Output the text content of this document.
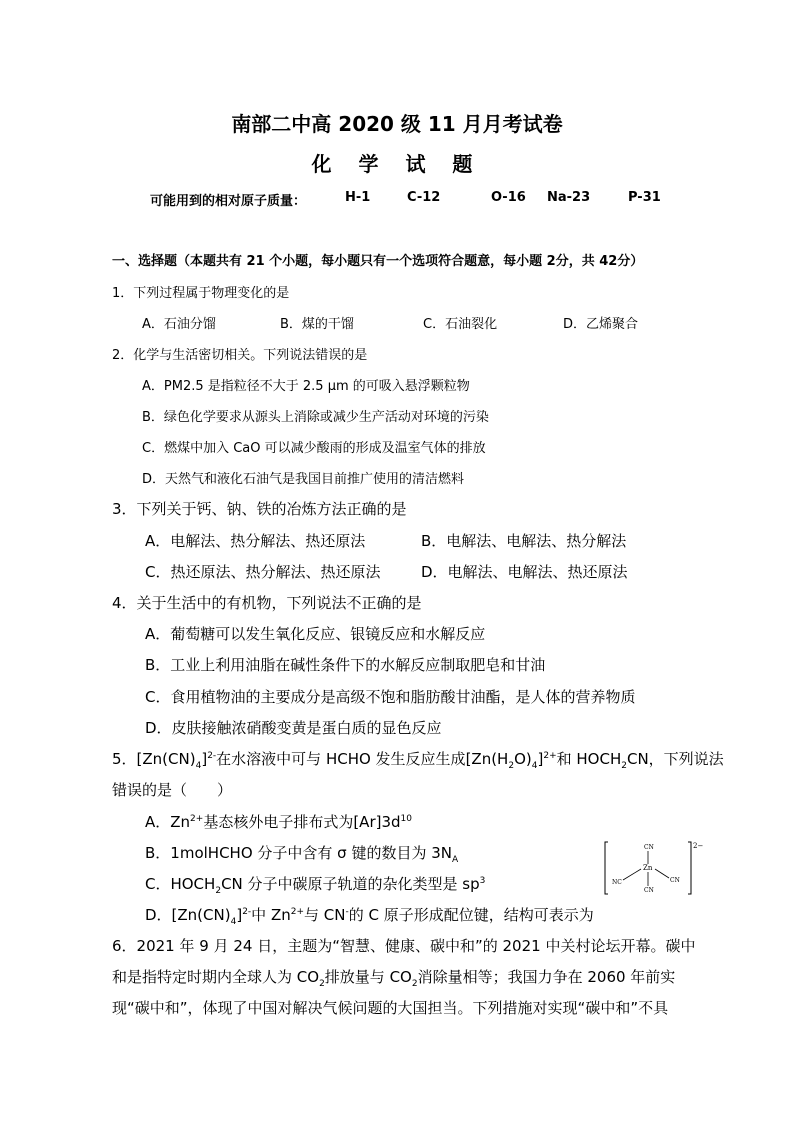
南部二中高 2020 级 11 月月考试卷
化 学 试 题
可能用到的相对原子质量：	H-1	C-12	O-16 Na-23	P-31
一、选择题（本题共有 21 个小题，每小题只有一个选项符合题意，每小题 2分，共 42分）
1．下列过程属于物理变化的是
A．石油分馏	B．煤的干馏	C．石油裂化	D．乙烯聚合
2．化学与生活密切相关。下列说法错误的是
A．PM2.5 是指粒径不大于 2.5 μm 的可吸入悬浮颗粒物
B．绿色化学要求从源头上消除或减少生产活动对环境的污染
C．燃煤中加入 CaO 可以减少酸雨的形成及温室气体的排放
D．天然气和液化石油气是我国目前推广使用的清洁燃料
3．下列关于钙、钠、铁的冶炼方法正确的是
A．电解法、热分解法、热还原法	B．电解法、电解法、热分解法
C．热还原法、热分解法、热还原法	D．电解法、电解法、热还原法
4．关于生活中的有机物，下列说法不正确的是
A．葡萄糖可以发生氧化反应、银镜反应和水解反应
B．工业上利用油脂在碱性条件下的水解反应制取肥皂和甘油
C．食用植物油的主要成分是高级不饱和脂肪酸甘油酯，是人体的营养物质
D．皮肤接触浓硝酸变黄是蛋白质的显色反应
5．$[Zn(CN)_4]^{2-}$在水溶液中可与 HCHO 发生反应生成$[Zn(H_2O)_4]^{2+}$和 $HOCH_2CN$，下列说法
错误的是（　　）
A．$Zn^{2+}$基态核外电子排布式为$[Ar]3d^{10}$
B．1molHCHO 分子中含有 σ 键的数目为 $3N_A$
C．$HOCH_2CN$ 分子中碳原子轨道的杂化类型是 $sp^3$
D．$[Zn(CN)_4]^{2-}$中 $Zn^{2+}$与 CN-的 C 原子形成配位键，结构可表示为
2−
Zn
CN
NC	CN
CN
6．2021 年 9 月 24 日，主题为“智慧、健康、碳中和”的 2021 中关村论坛开幕。碳中
和是指特定时期内全球人为 $CO_2$排放量与 $CO_2$消除量相等；我国力争在 2060 年前实
现“碳中和”，体现了中国对解决气候问题的大国担当。下列措施对实现“碳中和”不具
